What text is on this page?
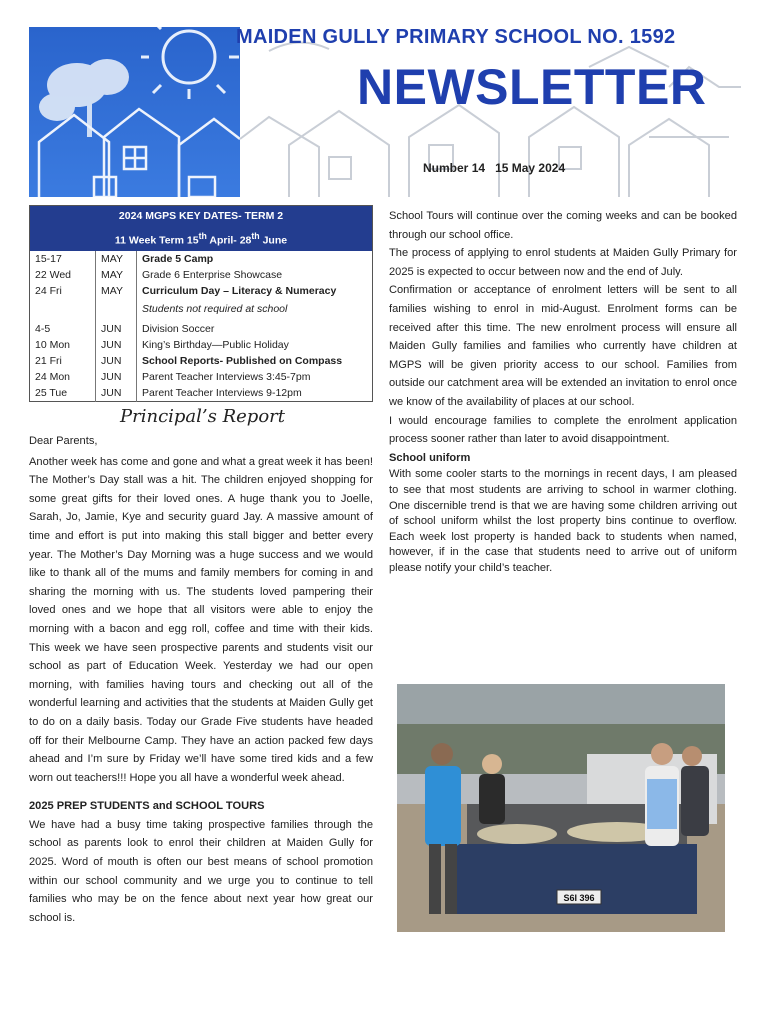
MAIDEN GULLY PRIMARY SCHOOL NO. 1592
NEWSLETTER
Number 14 15 May 2024
2024 MGPS KEY DATES- TERM 2		
11 Week Term 15th April- 28th June		
15-17	MAY	Grade 5 Camp
22 Wed	MAY	Grade 6 Enterprise Showcase
24 Fri	MAY	Curriculum Day – Literacy & Numeracy
Students not required at school

4-5	JUN	Division Soccer
10 Mon	JUN	King’s Birthday—Public Holiday
21 Fri	JUN	School Reports- Published on Compass
24 Mon	JUN	Parent Teacher Interviews 3:45-7pm
25 Tue	JUN	Parent Teacher Interviews 9-12pm
Principal’s Report

Dear Parents,

Another week has come and gone and what a great week it has been! The Mother’s Day stall was a hit. The children enjoyed shopping for some great gifts for their loved ones. A huge thank you to Joelle, Sarah, Jo, Jamie, Kye and security guard Jay. A massive amount of time and effort is put into making this stall bigger and better every year. The Mother’s Day Morning was a huge success and we would like to thank all of the mums and family members for coming in and sharing the morning with us. The students loved pampering their loved ones and we hope that all visitors were able to enjoy the morning with a bacon and egg roll, coffee and time with their kids. This week we have seen prospective parents and students visit our school as part of Education Week. Yesterday we had our open morning, with families having tours and checking out all of the wonderful learning and activities that the students at Maiden Gully get to do on a daily basis. Today our Grade Five students have headed off for their Melbourne Camp. They have an action packed few days ahead and I’m sure by Friday we’ll have some tired kids and a few worn out teachers!!! Hope you all have a wonderful week ahead.

2025 PREP STUDENTS and SCHOOL TOURS

We have had a busy time taking prospective families through the school as parents look to enrol their children at Maiden Gully for 2025. Word of mouth is often our best means of school promotion within our school community and we urge you to continue to tell families who may be on the fence about next year how great our school is.

School Tours will continue over the coming weeks and can be booked through our school office.

The process of applying to enrol students at Maiden Gully Primary for 2025 is expected to occur between now and the end of July.

Confirmation or acceptance of enrolment letters will be sent to all families wishing to enrol in mid-August. Enrolment forms can be received after this time. The new enrolment process will ensure all Maiden Gully families and families who currently have children at MGPS will be given priority access to our school. Families from outside our catchment area will be extended an invitation to enrol once we know of the availability of places at our school.

I would encourage families to complete the enrolment application process sooner rather than later to avoid disappointment.

School uniform

With some cooler starts to the mornings in recent days, I am pleased to see that most students are arriving to school in warmer clothing. One discernible trend is that we are having some children arriving out of school uniform whilst the lost property bins continue to overflow. Each week lost property is handed back to students when named, however, if in the case that students need to arrive out of uniform please notify your child’s teacher.

S6I 396
